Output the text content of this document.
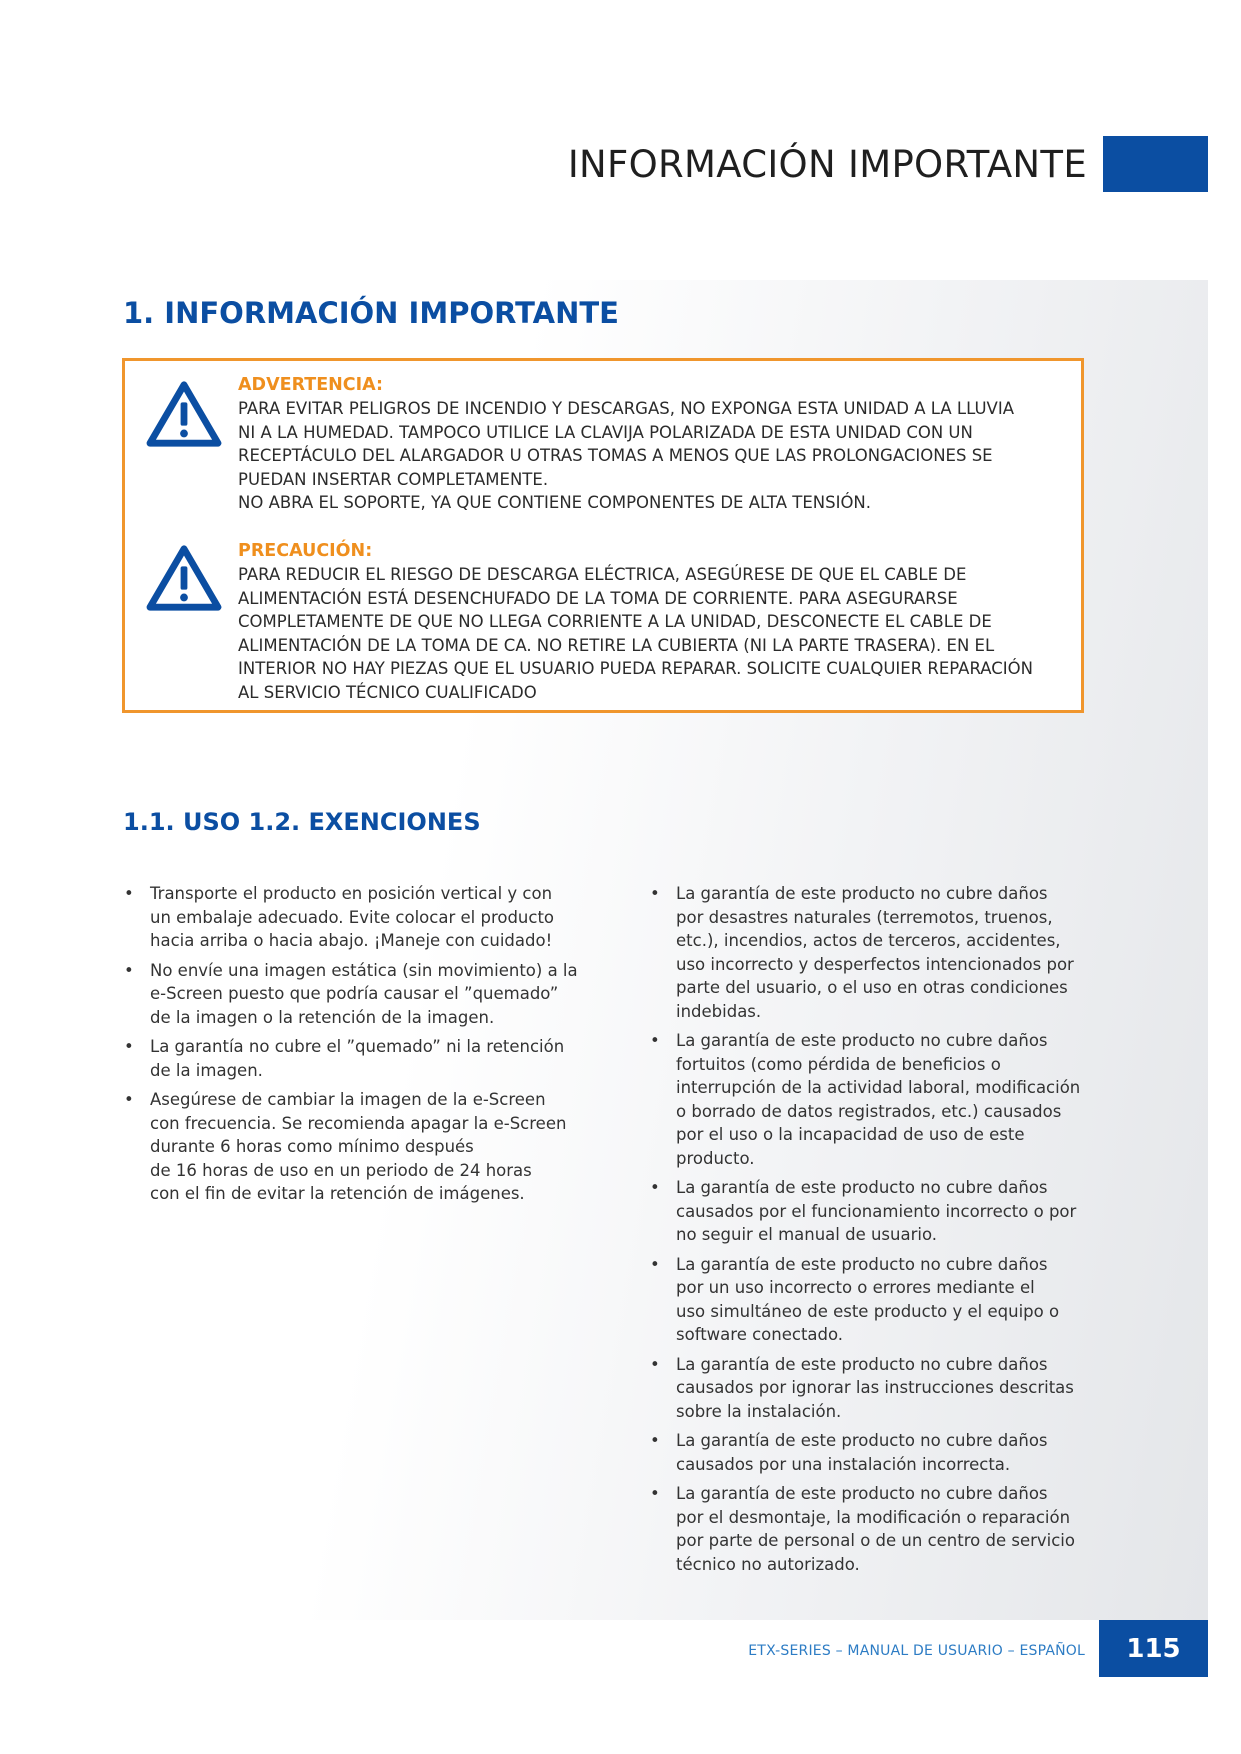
INFORMACIÓN IMPORTANTE
1. INFORMACIÓN IMPORTANTE
ADVERTENCIA:
PARA EVITAR PELIGROS DE INCENDIO Y DESCARGAS, NO EXPONGA ESTA UNIDAD A LA LLUVIA
NI A LA HUMEDAD. TAMPOCO UTILICE LA CLAVIJA POLARIZADA DE ESTA UNIDAD CON UN
RECEPTÁCULO DEL ALARGADOR U OTRAS TOMAS A MENOS QUE LAS PROLONGACIONES SE
PUEDAN INSERTAR COMPLETAMENTE.
NO ABRA EL SOPORTE, YA QUE CONTIENE COMPONENTES DE ALTA TENSIÓN.
PRECAUCIÓN:
PARA REDUCIR EL RIESGO DE DESCARGA ELÉCTRICA, ASEGÚRESE DE QUE EL CABLE DE
ALIMENTACIÓN ESTÁ DESENCHUFADO DE LA TOMA DE CORRIENTE. PARA ASEGURARSE
COMPLETAMENTE DE QUE NO LLEGA CORRIENTE A LA UNIDAD, DESCONECTE EL CABLE DE
ALIMENTACIÓN DE LA TOMA DE CA. NO RETIRE LA CUBIERTA (NI LA PARTE TRASERA). EN EL
INTERIOR NO HAY PIEZAS QUE EL USUARIO PUEDA REPARAR. SOLICITE CUALQUIER REPARACIÓN
AL SERVICIO TÉCNICO CUALIFICADO
1.1. USO 1.2. EXENCIONES
• Transporte el producto en posición vertical y con
un embalaje adecuado. Evite colocar el producto
hacia arriba o hacia abajo. ¡Maneje con cuidado!
• No envíe una imagen estática (sin movimiento) a la
e-Screen puesto que podría causar el ”quemado”
de la imagen o la retención de la imagen.
• La garantía no cubre el ”quemado” ni la retención
de la imagen.
• Asegúrese de cambiar la imagen de la e-Screen
con frecuencia. Se recomienda apagar la e-Screen
durante 6 horas como mínimo después
de 16 horas de uso en un periodo de 24 horas
con el fin de evitar la retención de imágenes.
• La garantía de este producto no cubre daños
por desastres naturales (terremotos, truenos,
etc.), incendios, actos de terceros, accidentes,
uso incorrecto y desperfectos intencionados por
parte del usuario, o el uso en otras condiciones
indebidas.
• La garantía de este producto no cubre daños
fortuitos (como pérdida de beneficios o
interrupción de la actividad laboral, modificación
o borrado de datos registrados, etc.) causados
por el uso o la incapacidad de uso de este
producto.
• La garantía de este producto no cubre daños
causados por el funcionamiento incorrecto o por
no seguir el manual de usuario.
• La garantía de este producto no cubre daños
por un uso incorrecto o errores mediante el
uso simultáneo de este producto y el equipo o
software conectado.
• La garantía de este producto no cubre daños
causados por ignorar las instrucciones descritas
sobre la instalación.
• La garantía de este producto no cubre daños
causados por una instalación incorrecta.
• La garantía de este producto no cubre daños
por el desmontaje, la modificación o reparación
por parte de personal o de un centro de servicio
técnico no autorizado.
ETX-SERIES – MANUAL DE USUARIO – ESPAÑOL	115
